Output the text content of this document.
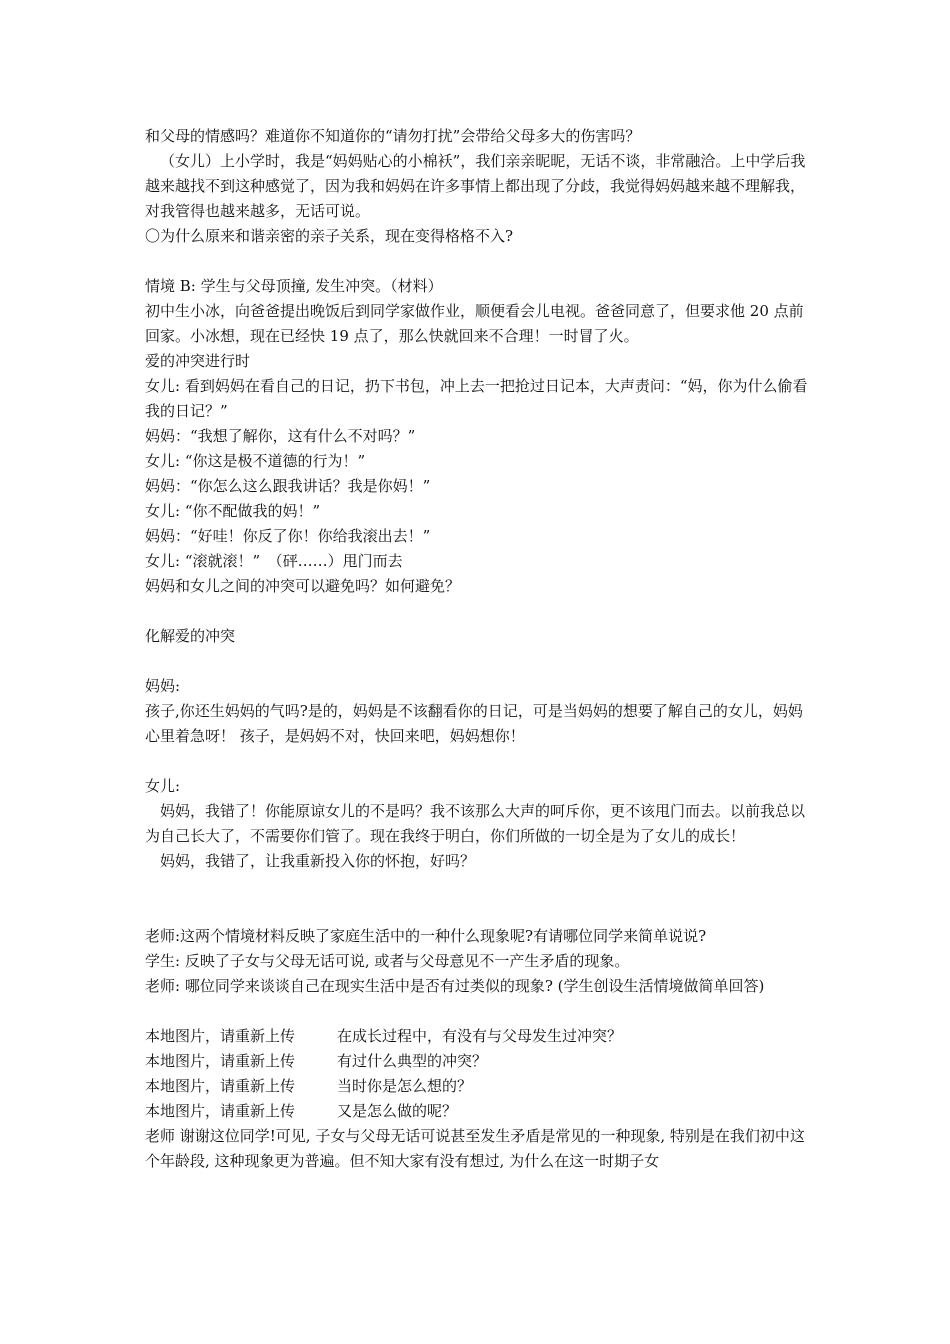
和父母的情感吗？难道你不知道你的“请勿打扰”会带给父母多大的伤害吗？

（女儿）上小学时，我是“妈妈贴心的小棉袄”，我们亲亲昵昵，无话不谈，非常融洽。上中学后我越来越找不到这种感觉了，因为我和妈妈在许多事情上都出现了分歧，我觉得妈妈越来越不理解我，对我管得也越来越多，无话可说。

〇为什么原来和谐亲密的亲子关系，现在变得格格不入?

情境 B: 学生与父母顶撞, 发生冲突。（材料）

初中生小冰，向爸爸提出晚饭后到同学家做作业，顺便看会儿电视。爸爸同意了，但要求他 20 点前回家。小冰想，现在已经快 19 点了，那么快就回来不合理！一时冒了火。

爱的冲突进行时

女儿: 看到妈妈在看自己的日记，扔下书包，冲上去一把抢过日记本，大声责问：“妈，你为什么偷看我的日记？”

妈妈：“我想了解你，这有什么不对吗？”

女儿: “你这是极不道德的行为！”

妈妈：“你怎么这么跟我讲话？我是你妈！”

女儿: “你不配做我的妈！”

妈妈：“好哇！你反了你！你给我滚出去！”

女儿: “滚就滚！”　（砰……）甩门而去

妈妈和女儿之间的冲突可以避免吗？如何避免？

化解爱的冲突

妈妈:

孩子,你还生妈妈的气吗?是的，妈妈是不该翻看你的日记，可是当妈妈的想要了解自己的女儿，妈妈心里着急呀！ 孩子，是妈妈不对，快回来吧，妈妈想你！

女儿:

妈妈，我错了！你能原谅女儿的不是吗？我不该那么大声的呵斥你，更不该甩门而去。以前我总以为自己长大了，不需要你们管了。现在我终于明白，你们所做的一切全是为了女儿的成长！

妈妈，我错了，让我重新投入你的怀抱，好吗？

老师:这两个情境材料反映了家庭生活中的一种什么现象呢?有请哪位同学来简单说说?

学生: 反映了子女与父母无话可说, 或者与父母意见不一产生矛盾的现象。

老师: 哪位同学来谈谈自己在现实生活中是否有过类似的现象? (学生创设生活情境做简单回答)

本地图片，请重新上传	在成长过程中，有没有与父母发生过冲突？
本地图片，请重新上传	有过什么典型的冲突？
本地图片，请重新上传	当时你是怎么想的？
本地图片，请重新上传	又是怎么做的呢？

老师 谢谢这位同学!可见, 子女与父母无话可说甚至发生矛盾是常见的一种现象, 特别是在我们初中这个年龄段, 这种现象更为普遍。但不知大家有没有想过, 为什么在这一时期子女
